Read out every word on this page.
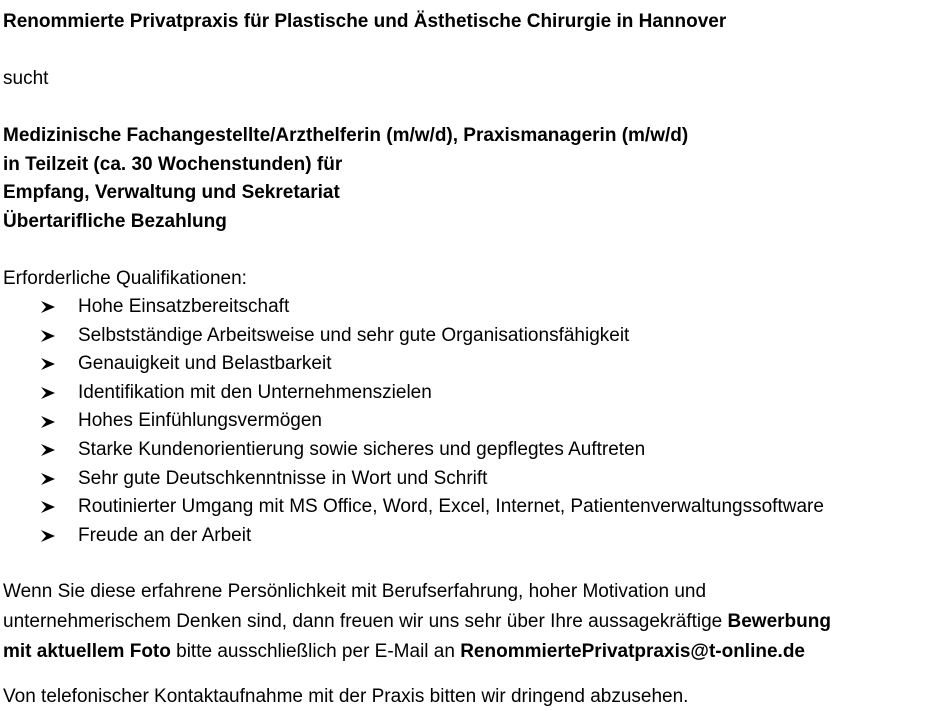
Renommierte Privatpraxis für Plastische und Ästhetische Chirurgie in Hannover
sucht
Medizinische Fachangestellte/Arzthelferin (m/w/d), Praxismanagerin (m/w/d)
in Teilzeit (ca. 30 Wochenstunden) für
Empfang, Verwaltung und Sekretariat
Übertarifliche Bezahlung
Erforderliche Qualifikationen:
Hohe Einsatzbereitschaft
Selbstständige Arbeitsweise und sehr gute Organisationsfähigkeit
Genauigkeit und Belastbarkeit
Identifikation mit den Unternehmenszielen
Hohes Einfühlungsvermögen
Starke Kundenorientierung sowie sicheres und gepflegtes Auftreten
Sehr gute Deutschkenntnisse in Wort und Schrift
Routinierter Umgang mit MS Office, Word, Excel, Internet, Patientenverwaltungssoftware
Freude an der Arbeit
Wenn Sie diese erfahrene Persönlichkeit mit Berufserfahrung, hoher Motivation und
unternehmerischem Denken sind, dann freuen wir uns sehr über Ihre aussagekräftige Bewerbung
mit aktuellem Foto bitte ausschließlich per E-Mail an RenommiertePrivatpraxis@t-online.de
Von telefonischer Kontaktaufnahme mit der Praxis bitten wir dringend abzusehen.
